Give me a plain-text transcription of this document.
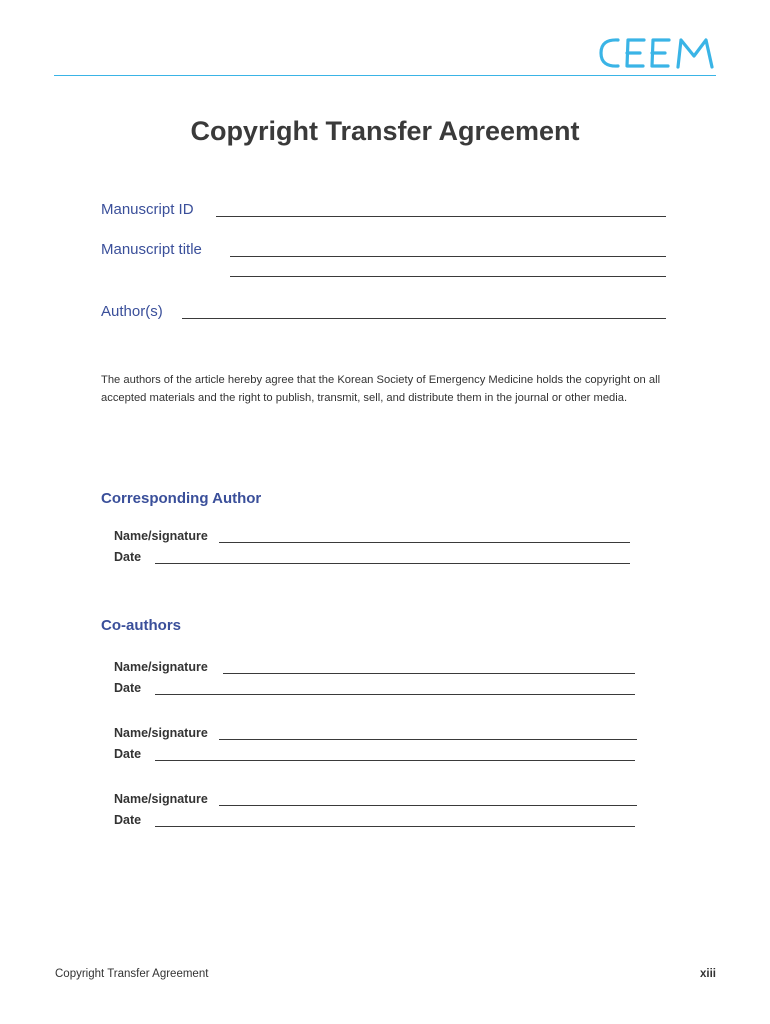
Copyright Transfer Agreement
Manuscript ID
Manuscript title
Author(s)
The authors of the article hereby agree that the Korean Society of Emergency Medicine holds the copyright on all accepted materials and the right to publish, transmit, sell, and distribute them in the journal or other media.
Corresponding Author
Name/signature
Date
Co-authors
Name/signature
Date
Name/signature
Date
Name/signature
Date
Copyright Transfer Agreement	xiii
